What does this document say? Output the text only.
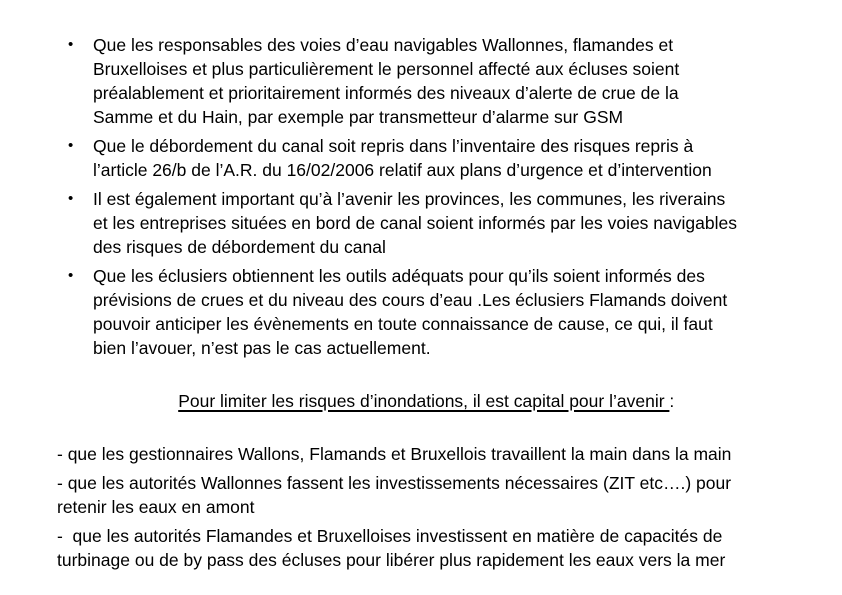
• Que les responsables des voies d’eau navigables Wallonnes, flamandes et
Bruxelloises et plus particulièrement le personnel affecté aux écluses soient
préalablement et prioritairement informés des niveaux d’alerte de crue de la
Samme et du Hain, par exemple par transmetteur d’alarme sur GSM
• Que le débordement du canal soit repris dans l’inventaire des risques repris à
l’article 26/b de l’A.R. du 16/02/2006 relatif aux plans d’urgence et d’intervention
• Il est également important qu’à l’avenir les provinces, les communes, les riverains
et les entreprises situées en bord de canal soient informés par les voies navigables
des risques de débordement du canal
• Que les éclusiers obtiennent les outils adéquats pour qu’ils soient informés des
prévisions de crues et du niveau des cours d’eau .Les éclusiers Flamands doivent
pouvoir anticiper les évènements en toute connaissance de cause, ce qui, il faut
bien l’avouer, n’est pas le cas actuellement.

Pour limiter les risques d’inondations, il est capital pour l’avenir :

- que les gestionnaires Wallons, Flamands et Bruxellois travaillent la main dans la main
- que les autorités Wallonnes fassent les investissements nécessaires (ZIT etc….) pour
retenir les eaux en amont
-  que les autorités Flamandes et Bruxelloises investissent en matière de capacités de
turbinage ou de by pass des écluses pour libérer plus rapidement les eaux vers la mer
